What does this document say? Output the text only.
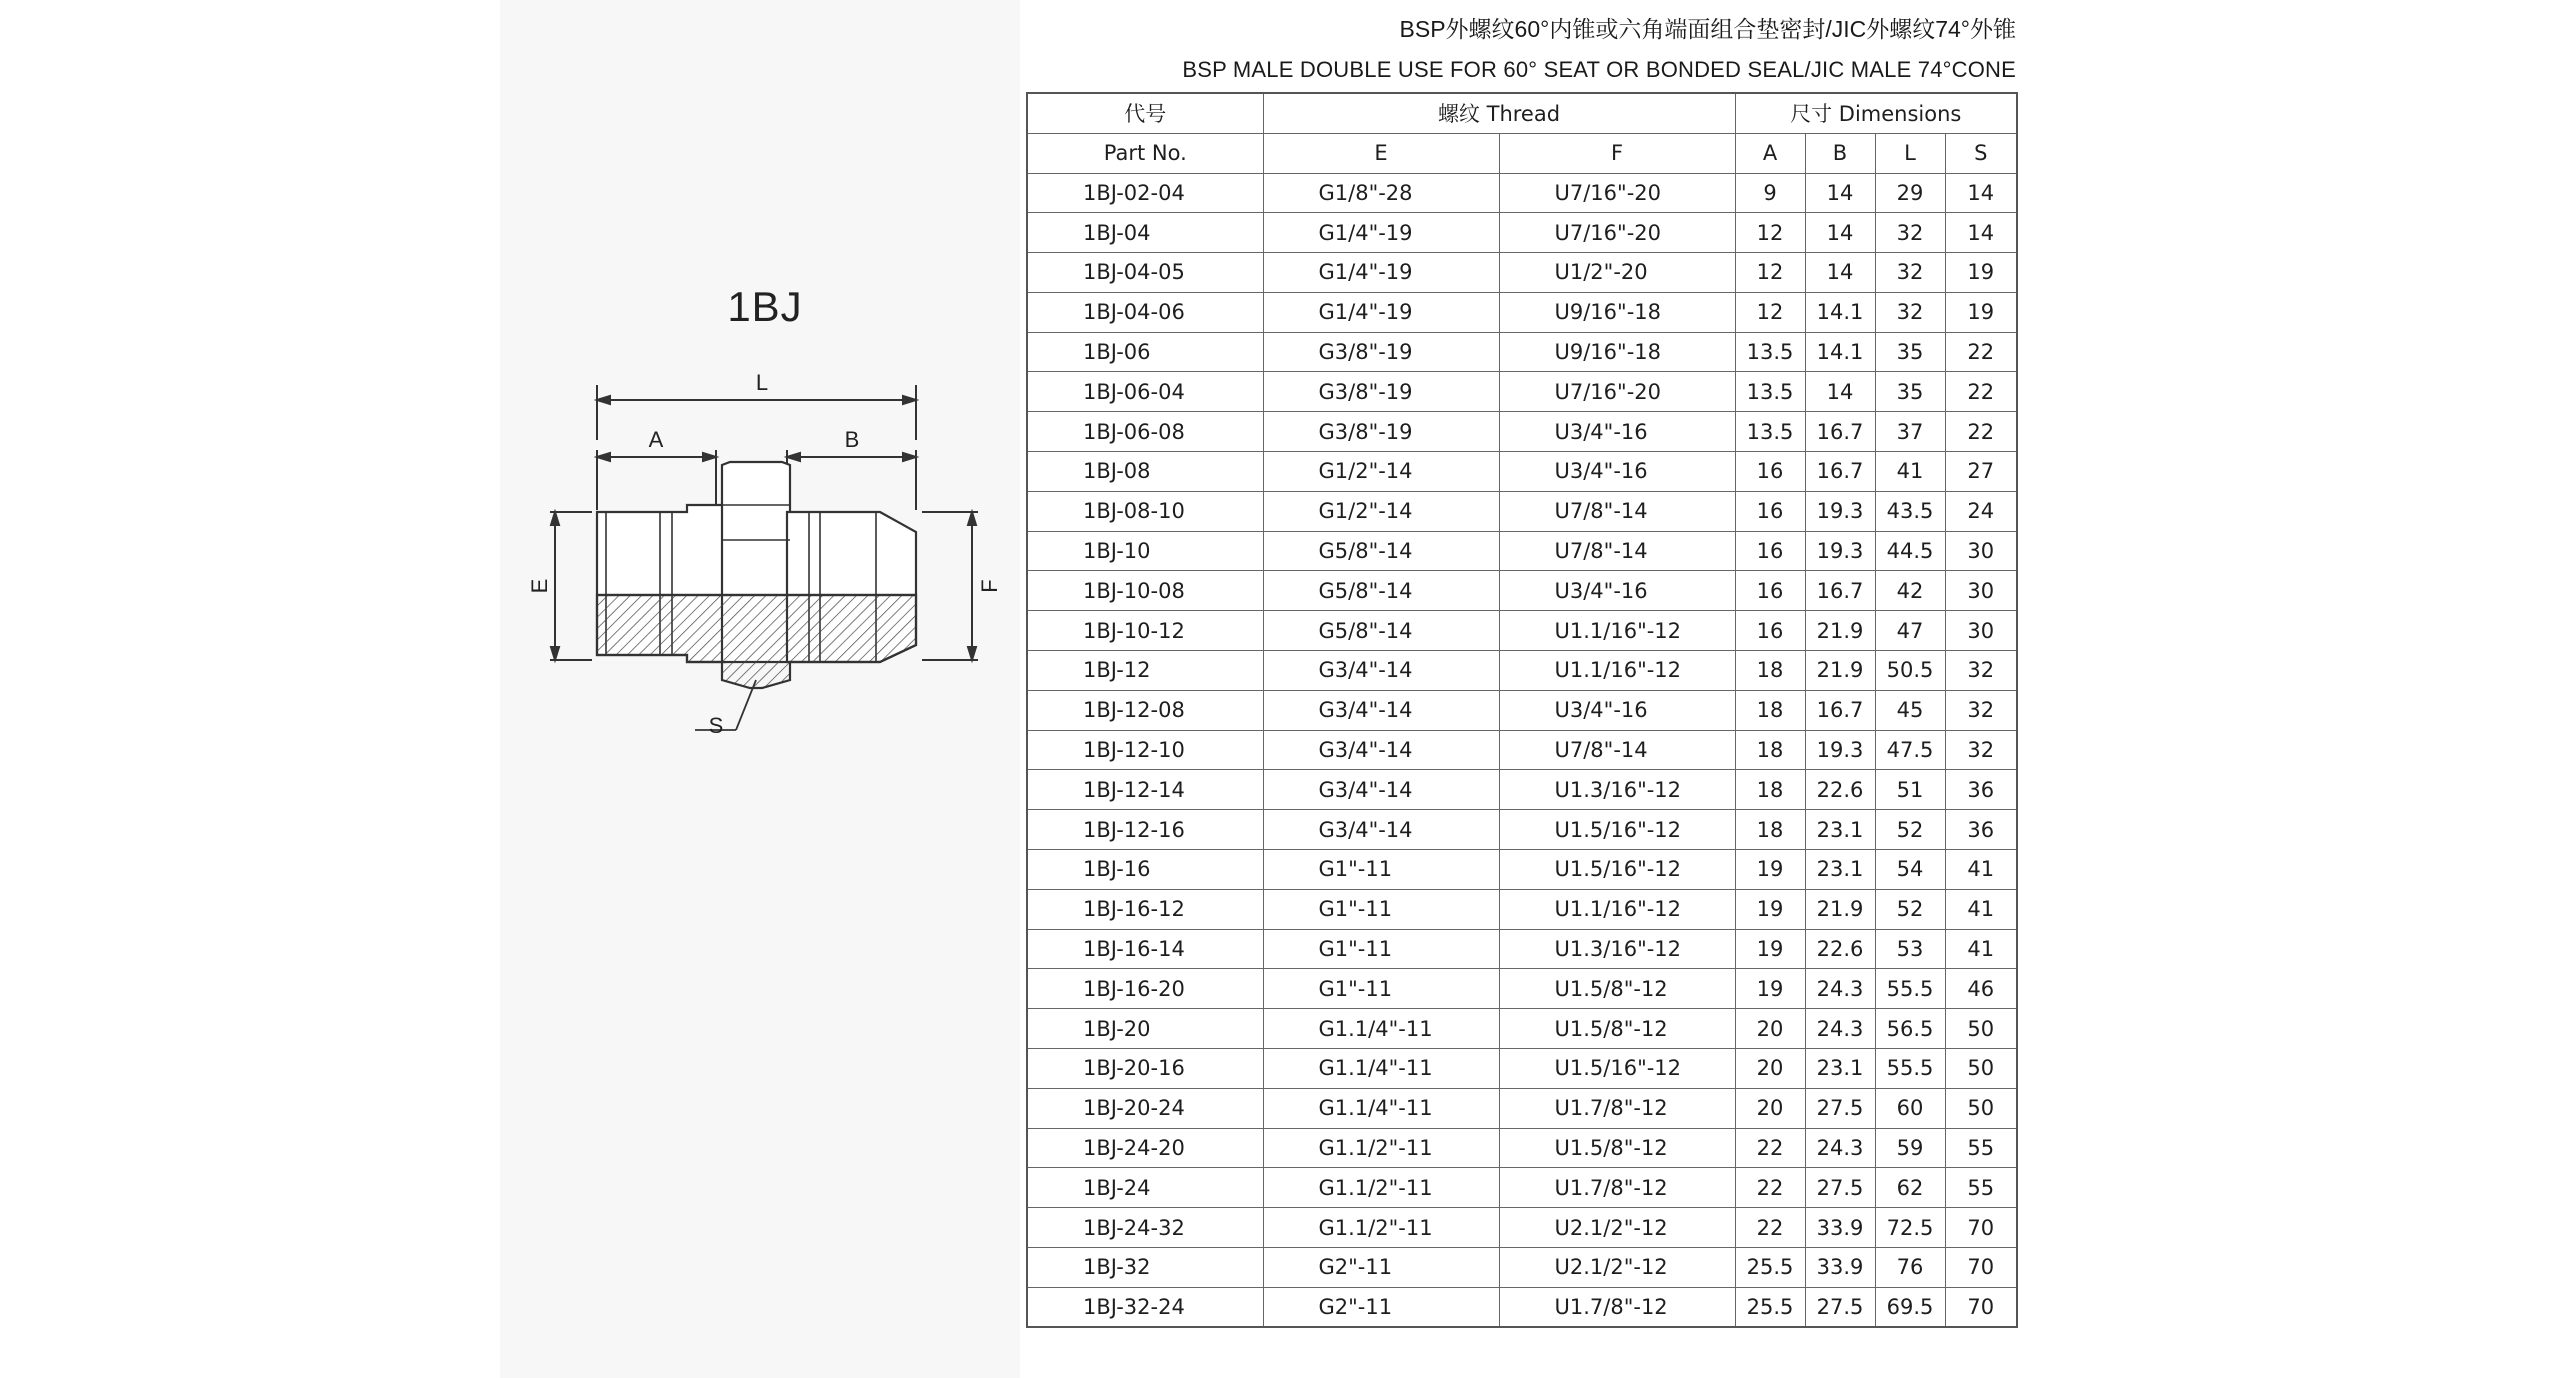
1BJ
L
A	B
E	F
S
BSP外螺纹60°内锥或六角端面组合垫密封/JIC外螺纹74°外锥
BSP MALE DOUBLE USE FOR 60° SEAT OR BONDED SEAL/JIC MALE 74°CONE
代号	螺纹 Thread		尺寸 Dimensions			
Part No.	E	F	A	B	L	S
1BJ-02-04	G1/8"-28	U7/16"-20	9	14	29	14
1BJ-04	G1/4"-19	U7/16"-20	12	14	32	14
1BJ-04-05	G1/4"-19	U1/2"-20	12	14	32	19
1BJ-04-06	G1/4"-19	U9/16"-18	12	14.1	32	19
1BJ-06	G3/8"-19	U9/16"-18	13.5	14.1	35	22
1BJ-06-04	G3/8"-19	U7/16"-20	13.5	14	35	22
1BJ-06-08	G3/8"-19	U3/4"-16	13.5	16.7	37	22
1BJ-08	G1/2"-14	U3/4"-16	16	16.7	41	27
1BJ-08-10	G1/2"-14	U7/8"-14	16	19.3	43.5	24
1BJ-10	G5/8"-14	U7/8"-14	16	19.3	44.5	30
1BJ-10-08	G5/8"-14	U3/4"-16	16	16.7	42	30
1BJ-10-12	G5/8"-14	U1.1/16"-12	16	21.9	47	30
1BJ-12	G3/4"-14	U1.1/16"-12	18	21.9	50.5	32
1BJ-12-08	G3/4"-14	U3/4"-16	18	16.7	45	32
1BJ-12-10	G3/4"-14	U7/8"-14	18	19.3	47.5	32
1BJ-12-14	G3/4"-14	U1.3/16"-12	18	22.6	51	36
1BJ-12-16	G3/4"-14	U1.5/16"-12	18	23.1	52	36
1BJ-16	G1"-11	U1.5/16"-12	19	23.1	54	41
1BJ-16-12	G1"-11	U1.1/16"-12	19	21.9	52	41
1BJ-16-14	G1"-11	U1.3/16"-12	19	22.6	53	41
1BJ-16-20	G1"-11	U1.5/8"-12	19	24.3	55.5	46
1BJ-20	G1.1/4"-11	U1.5/8"-12	20	24.3	56.5	50
1BJ-20-16	G1.1/4"-11	U1.5/16"-12	20	23.1	55.5	50
1BJ-20-24	G1.1/4"-11	U1.7/8"-12	20	27.5	60	50
1BJ-24-20	G1.1/2"-11	U1.5/8"-12	22	24.3	59	55
1BJ-24	G1.1/2"-11	U1.7/8"-12	22	27.5	62	55
1BJ-24-32	G1.1/2"-11	U2.1/2"-12	22	33.9	72.5	70
1BJ-32	G2"-11	U2.1/2"-12	25.5	33.9	76	70
1BJ-32-24	G2"-11	U1.7/8"-12	25.5	27.5	69.5	70
